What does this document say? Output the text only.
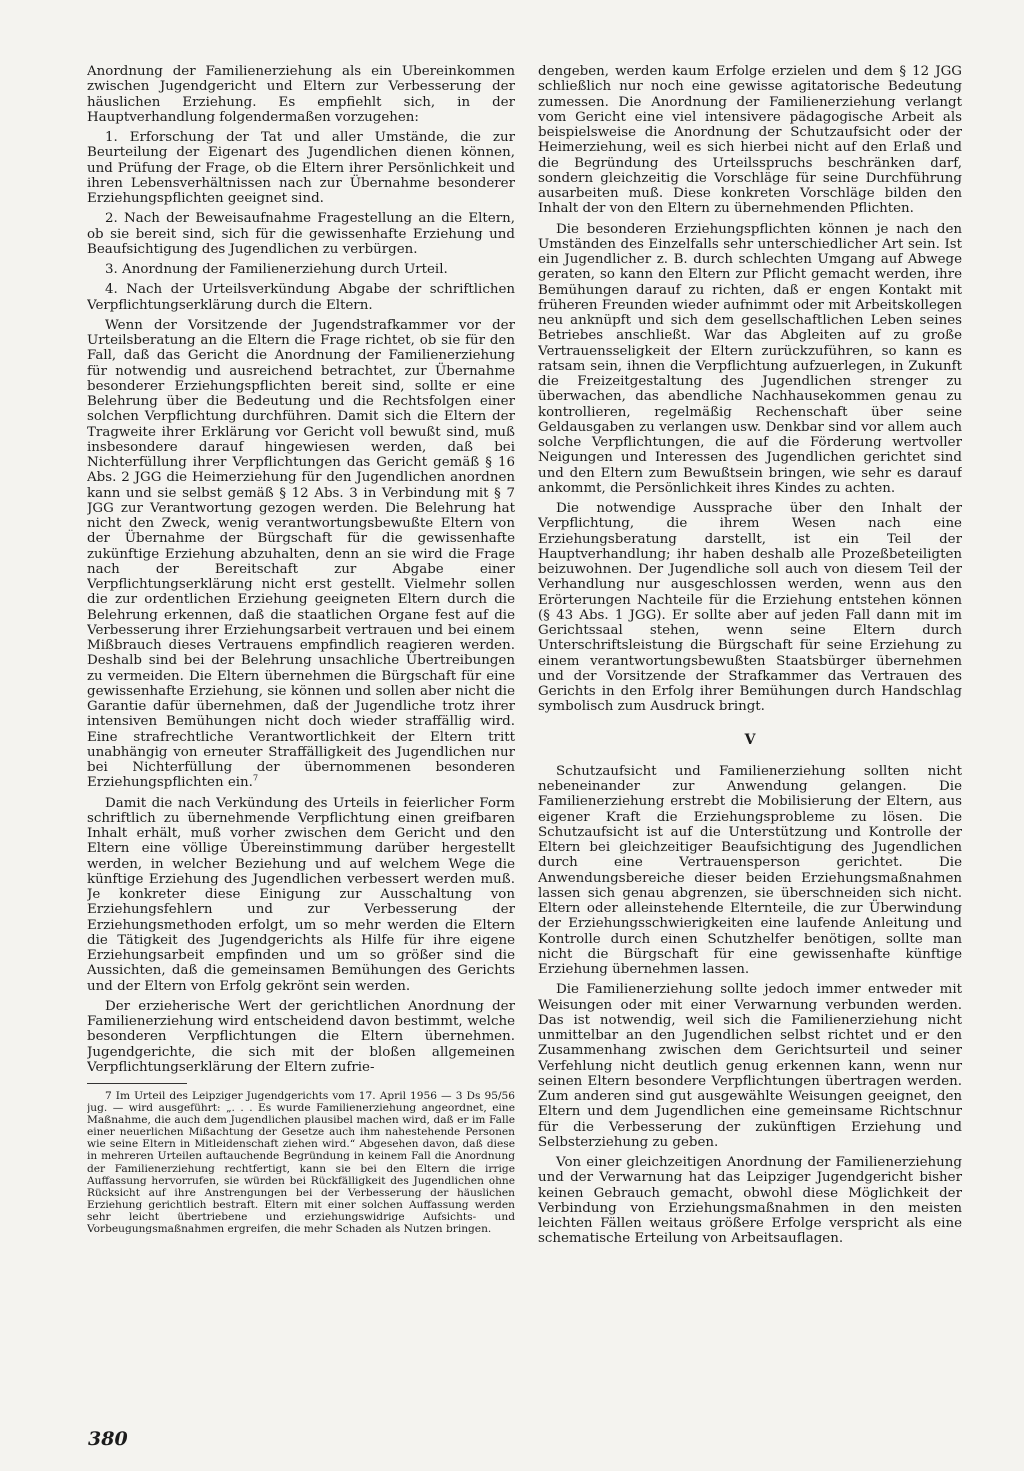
Anordnung der Familienerziehung als ein Übereinkommen zwischen Jugendgericht und Eltern zur Verbesserung der häuslichen Erziehung. Es empfiehlt sich, in der Hauptverhandlung folgendermaßen vorzugehen:

1. Erforschung der Tat und aller Umstände, die zur Beurteilung der Eigenart des Jugendlichen dienen können, und Prüfung der Frage, ob die Eltern ihrer Persönlichkeit und ihren Lebensverhältnissen nach zur Übernahme besonderer Erziehungspflichten geeignet sind.

2. Nach der Beweisaufnahme Fragestellung an die Eltern, ob sie bereit sind, sich für die gewissenhafte Erziehung und Beaufsichtigung des Jugendlichen zu verbürgen.

3. Anordnung der Familienerziehung durch Urteil.

4. Nach der Urteilsverkündung Abgabe der schriftlichen Verpflichtungserklärung durch die Eltern.

Wenn der Vorsitzende der Jugendstrafkammer vor der Urteilsberatung an die Eltern die Frage richtet, ob sie für den Fall, daß das Gericht die Anordnung der Familienerziehung für notwendig und ausreichend betrachtet, zur Übernahme besonderer Erziehungspflichten bereit sind, sollte er eine Belehrung über die Bedeutung und die Rechtsfolgen einer solchen Verpflichtung durchführen. Damit sich die Eltern der Tragweite ihrer Erklärung vor Gericht voll bewußt sind, muß insbesondere darauf hingewiesen werden, daß bei Nichterfüllung ihrer Verpflichtungen das Gericht gemäß § 16 Abs. 2 JGG die Heimerziehung für den Jugendlichen anordnen kann und sie selbst gemäß § 12 Abs. 3 in Verbindung mit § 7 JGG zur Verantwortung gezogen werden. Die Belehrung hat nicht den Zweck, wenig verantwortungsbewußte Eltern von der Übernahme der Bürgschaft für die gewissenhafte zukünftige Erziehung abzuhalten, denn an sie wird die Frage nach der Bereitschaft zur Abgabe einer Verpflichtungserklärung nicht erst gestellt. Vielmehr sollen die zur ordentlichen Erziehung geeigneten Eltern durch die Belehrung erkennen, daß die staatlichen Organe fest auf die Verbesserung ihrer Erziehungsarbeit vertrauen und bei einem Mißbrauch dieses Vertrauens empfindlich reagieren werden. Deshalb sind bei der Belehrung unsachliche Übertreibungen zu vermeiden. Die Eltern übernehmen die Bürgschaft für eine gewissenhafte Erziehung, sie können und sollen aber nicht die Garantie dafür übernehmen, daß der Jugendliche trotz ihrer intensiven Bemühungen nicht doch wieder straffällig wird. Eine strafrechtliche Verantwortlichkeit der Eltern tritt unabhängig von erneuter Straffälligkeit des Jugendlichen nur bei Nichterfüllung der übernommenen besonderen Erziehungspflichten ein.$^7$

Damit die nach Verkündung des Urteils in feierlicher Form schriftlich zu übernehmende Verpflichtung einen greifbaren Inhalt erhält, muß vorher zwischen dem Gericht und den Eltern eine völlige Übereinstimmung darüber hergestellt werden, in welcher Beziehung und auf welchem Wege die künftige Erziehung des Jugendlichen verbessert werden muß. Je konkreter diese Einigung zur Ausschaltung von Erziehungsfehlern und zur Verbesserung der Erziehungsmethoden erfolgt, um so mehr werden die Eltern die Tätigkeit des Jugendgerichts als Hilfe für ihre eigene Erziehungsarbeit empfinden und um so größer sind die Aussichten, daß die gemeinsamen Bemühungen des Gerichts und der Eltern von Erfolg gekrönt sein werden.

Der erzieherische Wert der gerichtlichen Anordnung der Familienerziehung wird entscheidend davon bestimmt, welche besonderen Verpflichtungen die Eltern übernehmen. Jugendgerichte, die sich mit der bloßen allgemeinen Verpflichtungserklärung der Eltern zufrie-

7 Im Urteil des Leipziger Jugendgerichts vom 17. April 1956 — 3 Ds 95/56 jug. — wird ausgeführt: „. . . Es wurde Familienerziehung angeordnet, eine Maßnahme, die auch dem Jugendlichen plausibel machen wird, daß er im Falle einer neuerlichen Mißachtung der Gesetze auch ihm nahestehende Personen wie seine Eltern in Mitleidenschaft ziehen wird.“ Abgesehen davon, daß diese in mehreren Urteilen auftauchende Begründung in keinem Fall die Anordnung der Familienerziehung rechtfertigt, kann sie bei den Eltern die irrige Auffassung hervorrufen, sie würden bei Rückfälligkeit des Jugendlichen ohne Rücksicht auf ihre Anstrengungen bei der Verbesserung der häuslichen Erziehung gerichtlich bestraft. Eltern mit einer solchen Auffassung werden sehr leicht übertriebene und erziehungswidrige Aufsichts- und Vorbeugungsmaßnahmen ergreifen, die mehr Schaden als Nutzen bringen.

dengeben, werden kaum Erfolge erzielen und dem § 12 JGG schließlich nur noch eine gewisse agitatorische Bedeutung zumessen. Die Anordnung der Familienerziehung verlangt vom Gericht eine viel intensivere pädagogische Arbeit als beispielsweise die Anordnung der Schutzaufsicht oder der Heimerziehung, weil es sich hierbei nicht auf den Erlaß und die Begründung des Urteilsspruchs beschränken darf, sondern gleichzeitig die Vorschläge für seine Durchführung ausarbeiten muß. Diese konkreten Vorschläge bilden den Inhalt der von den Eltern zu übernehmenden Pflichten.

Die besonderen Erziehungspflichten können je nach den Umständen des Einzelfalls sehr unterschiedlicher Art sein. Ist ein Jugendlicher z. B. durch schlechten Umgang auf Abwege geraten, so kann den Eltern zur Pflicht gemacht werden, ihre Bemühungen darauf zu richten, daß er engen Kontakt mit früheren Freunden wieder aufnimmt oder mit Arbeitskollegen neu anknüpft und sich dem gesellschaftlichen Leben seines Betriebes anschließt. War das Abgleiten auf zu große Vertrauensseligkeit der Eltern zurückzuführen, so kann es ratsam sein, ihnen die Verpflichtung aufzuerlegen, in Zukunft die Freizeitgestaltung des Jugendlichen strenger zu überwachen, das abendliche Nachhausekommen genau zu kontrollieren, regelmäßig Rechenschaft über seine Geldausgaben zu verlangen usw. Denkbar sind vor allem auch solche Verpflichtungen, die auf die Förderung wertvoller Neigungen und Interessen des Jugendlichen gerichtet sind und den Eltern zum Bewußtsein bringen, wie sehr es darauf ankommt, die Persönlichkeit ihres Kindes zu achten.

Die notwendige Aussprache über den Inhalt der Verpflichtung, die ihrem Wesen nach eine Erziehungsberatung darstellt, ist ein Teil der Hauptverhandlung; ihr haben deshalb alle Prozeßbeteiligten beizuwohnen. Der Jugendliche soll auch von diesem Teil der Verhandlung nur ausgeschlossen werden, wenn aus den Erörterungen Nachteile für die Erziehung entstehen können (§ 43 Abs. 1 JGG). Er sollte aber auf jeden Fall dann mit im Gerichtssaal stehen, wenn seine Eltern durch Unterschriftsleistung die Bürgschaft für seine Erziehung zu einem verantwortungsbewußten Staatsbürger übernehmen und der Vorsitzende der Strafkammer das Vertrauen des Gerichts in den Erfolg ihrer Bemühungen durch Handschlag symbolisch zum Ausdruck bringt.

V

Schutzaufsicht und Familienerziehung sollten nicht nebeneinander zur Anwendung gelangen. Die Familienerziehung erstrebt die Mobilisierung der Eltern, aus eigener Kraft die Erziehungsprobleme zu lösen. Die Schutzaufsicht ist auf die Unterstützung und Kontrolle der Eltern bei gleichzeitiger Beaufsichtigung des Jugendlichen durch eine Vertrauensperson gerichtet. Die Anwendungsbereiche dieser beiden Erziehungsmaßnahmen lassen sich genau abgrenzen, sie überschneiden sich nicht. Eltern oder alleinstehende Elternteile, die zur Überwindung der Erziehungsschwierigkeiten eine laufende Anleitung und Kontrolle durch einen Schutzhelfer benötigen, sollte man nicht die Bürgschaft für eine gewissenhafte künftige Erziehung übernehmen lassen.

Die Familienerziehung sollte jedoch immer entweder mit Weisungen oder mit einer Verwarnung verbunden werden. Das ist notwendig, weil sich die Familienerziehung nicht unmittelbar an den Jugendlichen selbst richtet und er den Zusammenhang zwischen dem Gerichtsurteil und seiner Verfehlung nicht deutlich genug erkennen kann, wenn nur seinen Eltern besondere Verpflichtungen übertragen werden. Zum anderen sind gut ausgewählte Weisungen geeignet, den Eltern und dem Jugendlichen eine gemeinsame Richtschnur für die Verbesserung der zukünftigen Erziehung und Selbsterziehung zu geben.

Von einer gleichzeitigen Anordnung der Familienerziehung und der Verwarnung hat das Leipziger Jugendgericht bisher keinen Gebrauch gemacht, obwohl diese Möglichkeit der Verbindung von Erziehungsmaßnahmen in den meisten leichten Fällen weitaus größere Erfolge verspricht als eine schematische Erteilung von Arbeitsauflagen.

380
